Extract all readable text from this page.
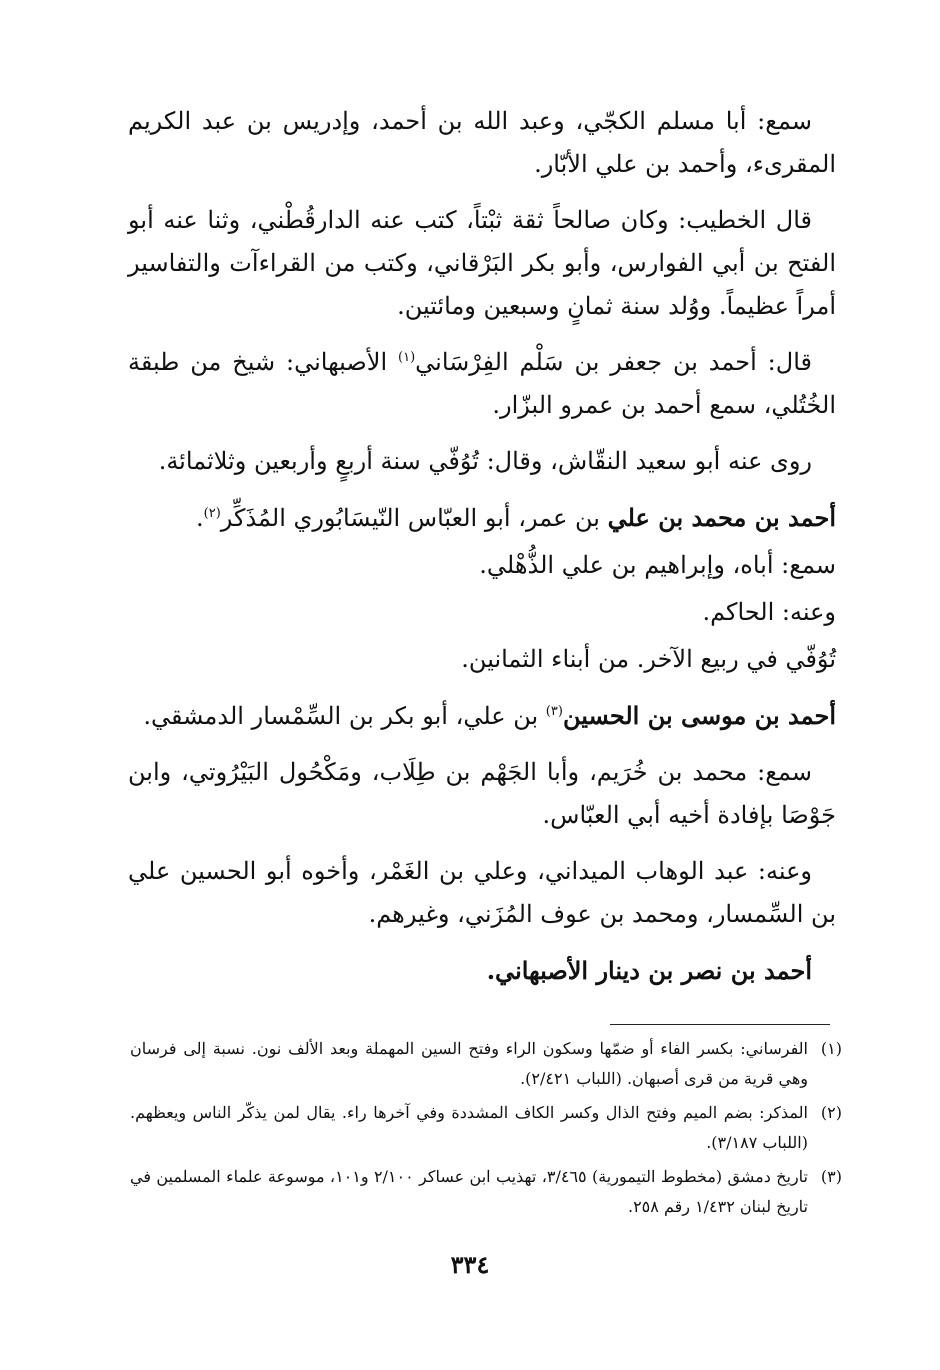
سمع: أبا مسلم الكجّي، وعبد الله بن أحمد، وإدريس بن عبد الكريم المقرىء، وأحمد بن علي الأبّار.

قال الخطيب: وكان صالحاً ثقة ثبْتاً، كتب عنه الدارقُطْني، وثنا عنه أبو الفتح بن أبي الفوارس، وأبو بكر البَرْقاني، وكتب من القراءآت والتفاسير أمراً عظيماً. ووُلد سنة ثمانٍ وسبعين ومائتين.

قال: أحمد بن جعفر بن سَلْم الفِرْسَاني$^{(١)}$ الأصبهاني: شيخ من طبقة الخُتُلي، سمع أحمد بن عمرو البزّار.

روى عنه أبو سعيد النقّاش، وقال: تُوُفّي سنة أربعٍ وأربعين وثلاثمائة.

أحمد بن محمد بن علي بن عمر، أبو العبّاس النّيسَابُوري المُذَكِّر$^{(٢)}$.

سمع: أباه، وإبراهيم بن علي الذُّهْلي.

وعنه: الحاكم.

تُوُفّي في ربيع الآخر. من أبناء الثمانين.

أحمد بن موسى بن الحسين$^{(٣)}$ بن علي، أبو بكر بن السِّمْسار الدمشقي.

سمع: محمد بن خُرَيم، وأبا الجَهْم بن طِلَاب، ومَكْحُول البَيْرُوتي، وابن جَوْصَا بإفادة أخيه أبي العبّاس.

وعنه: عبد الوهاب الميداني، وعلي بن الغَمْر، وأخوه أبو الحسين علي بن السِّمسار، ومحمد بن عوف المُزَني، وغيرهم.

أحمد بن نصر بن دينار الأصبهاني.

(١)
الفرساني: بكسر الفاء أو ضمّها وسكون الراء وفتح السين المهملة وبعد الألف نون. نسبة إلى فرسان وهي قرية من قرى أصبهان. (اللباب ٢/٤٢١).
(٢)
المذكر: بضم الميم وفتح الذال وكسر الكاف المشددة وفي آخرها راء. يقال لمن يذكّر الناس ويعظهم. (اللباب ٣/١٨٧).
(٣)
تاريخ دمشق (مخطوط التيمورية) ٣/٤٦٥، تهذيب ابن عساكر ٢/١٠٠ و١٠١، موسوعة علماء المسلمين في تاريخ لبنان ١/٤٣٢ رقم ٢٥٨.
٣٣٤
